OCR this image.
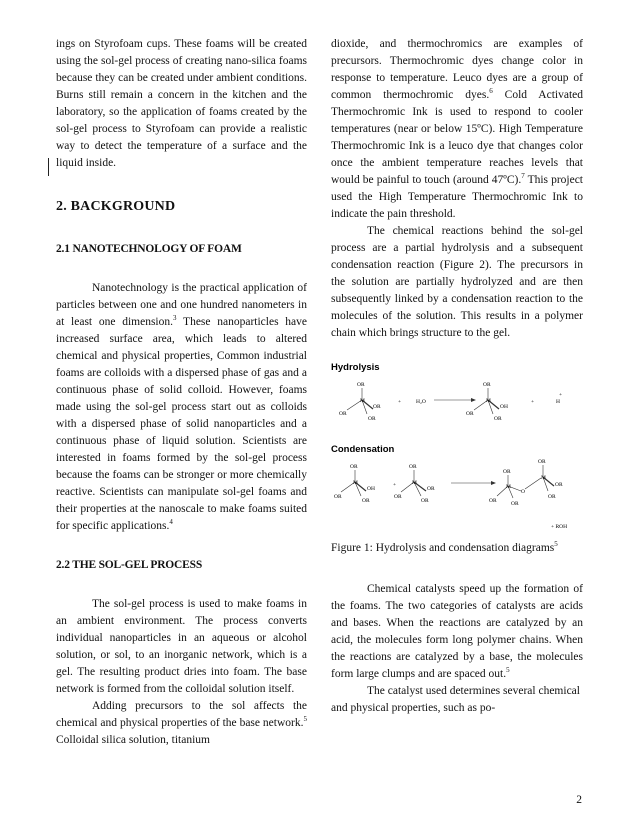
ings on Styrofoam cups. These foams will be created using the sol-gel process of creating nano-silica foams because they can be created under ambient conditions. Burns still remain a concern in the kitchen and the laboratory, so the application of foams created by the sol-gel process to Styrofoam can provide a realistic way to detect the temperature of a surface and the liquid inside.

2. BACKGROUND
2.1 NANOTECHNOLOGY OF FOAM

Nanotechnology is the practical application of particles between one and one hundred nanometers in at least one dimension.$^3$ These nanoparticles have increased surface area, which leads to altered chemical and physical properties, Common industrial foams are colloids with a dispersed phase of gas and a continuous phase of solid colloid. However, foams made using the sol-gel process start out as colloids with a dispersed phase of solid nanoparticles and a continuous phase of liquid solution. Scientists are interested in foams formed by the sol-gel process because the foams can be stronger or more chemically reactive. Scientists can manipulate sol-gel foams and their properties at the nanoscale to make foams suited for specific applications.$^4$

2.2 THE SOL-GEL PROCESS

The sol-gel process is used to make foams in an ambient environment. The process converts individual nanoparticles in an aqueous or alcohol solution, or sol, to an inorganic network, which is a gel. The resulting product dries into foam. The base network is formed from the colloidal solution itself.

Adding precursors to the sol affects the chemical and physical properties of the base network.$^5$ Colloidal silica solution, titanium

dioxide, and thermochromics are examples of precursors. Thermochromic dyes change color in response to temperature. Leuco dyes are a group of common thermochromic dyes.$^6$ Cold Activated Thermochromic Ink is used to respond to cooler temperatures (near or below 15ºC). High Temperature Thermochromic Ink is a leuco dye that changes color once the ambient temperature reaches levels that would be painful to touch (around 47ºC).$^7$ This project used the High Temperature Thermochromic Ink to indicate the pain threshold.

The chemical reactions behind the sol-gel process are a partial hydrolysis and a subsequent condensation reaction (Figure 2). The precursors in the solution are partially hydrolyzed and are then subsequently linked by a condensation reaction to the molecules of the solution. This results in a polymer chain which brings structure to the gel.

Hydrolysis
OR
M
OR
OR
OR
+	H₂O
OR
M
OR
OH
OR
+
+
H
Condensation
OR
M
OR
OH
OR
+
OR
M
OR
OR
OR
OR
M
OR	OR
O
OR
M
OR
OR
+ ROH

Figure 1: Hydrolysis and condensation diagrams$^5$

Chemical catalysts speed up the formation of the foams. The two categories of catalysts are acids and bases. When the reactions are catalyzed by an acid, the molecules form long polymer chains. When the reactions are catalyzed by a base, the molecules form large clumps and are spaced out.$^5$

The catalyst used determines several chemical and physical properties, such as po-

2
